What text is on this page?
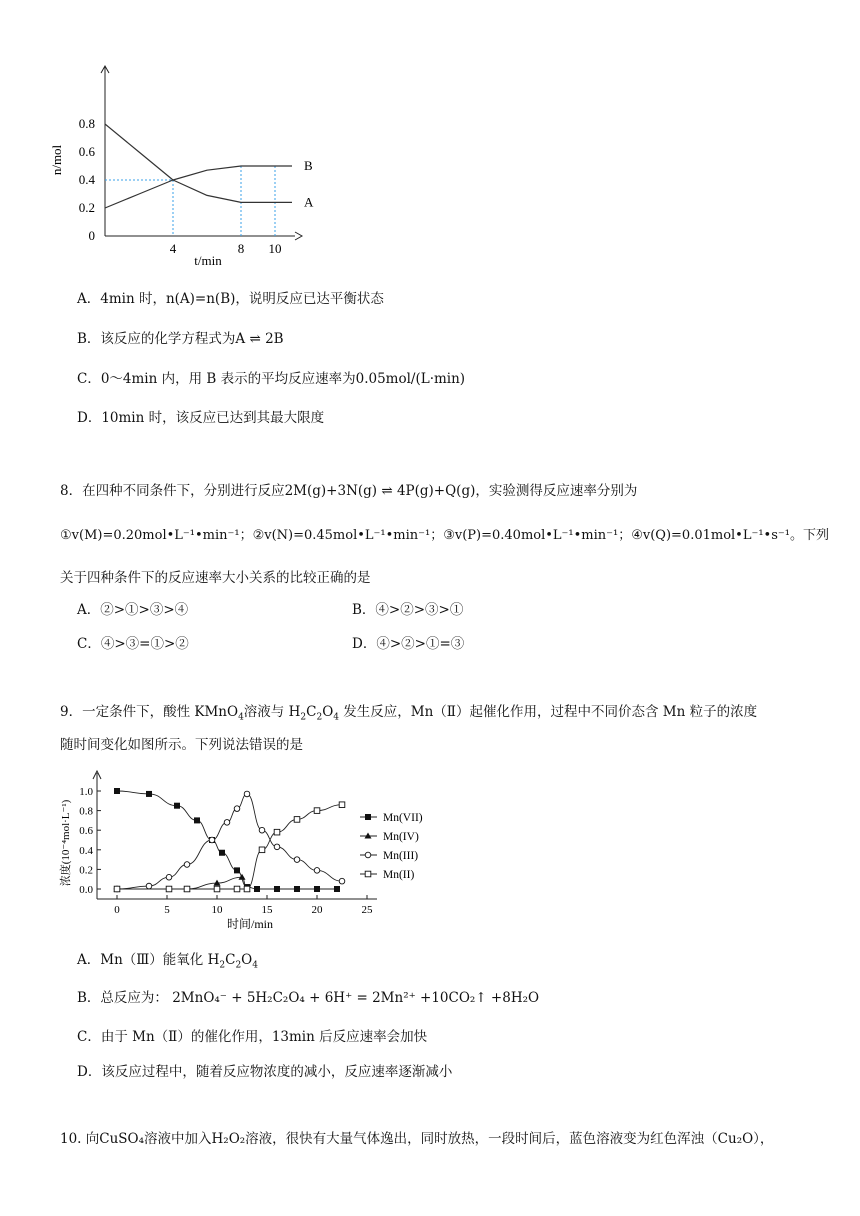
A
B
0
0.2
0.4
0.6
0.8
4	8 10
t/min
n/mol
A．4min 时，n(A)=n(B)，说明反应已达平衡状态
B．该反应的化学方程式为A ⇌ 2B
C．0～4min 内，用 B 表示的平均反应速率为0.05mol/(L·min)
D．10min 时，该反应已达到其最大限度
8．在四种不同条件下，分别进行反应2M(g)+3N(g) ⇌ 4P(g)+Q(g)，实验测得反应速率分别为
①v(M)=0.20mol•L⁻¹•min⁻¹；②v(N)=0.45mol•L⁻¹•min⁻¹；③v(P)=0.40mol•L⁻¹•min⁻¹；④v(Q)=0.01mol•L⁻¹•s⁻¹。下列
关于四种条件下的反应速率大小关系的比较正确的是
A．②>①>③>④	B．④>②>③>①
C．④>③=①>②	D．④>②>①=③
9．一定条件下，酸性 KMnO$_4$溶液与 $H_2C_2O_4$ 发生反应，Mn（Ⅱ）起催化作用，过程中不同价态含 Mn 粒子的浓度
随时间变化如图所示。下列说法错误的是
0.0
0.2
0.4
0.6
0.8
1.0
0	5	10	15	20	25
Mn(VII)
Mn(IV)
Mn(III)
Mn(II)
时间/min
浓度(10⁻⁴mol·L⁻¹)
A．Mn（Ⅲ）能氧化 $H_2C_2O_4$
B．总反应为： 2MnO₄⁻ + 5H₂C₂O₄ + 6H⁺ = 2Mn²⁺ +10CO₂↑ +8H₂O
C．由于 Mn（Ⅱ）的催化作用，13min 后反应速率会加快
D．该反应过程中，随着反应物浓度的减小，反应速率逐渐减小
10. 向CuSO₄溶液中加入H₂O₂溶液，很快有大量气体逸出，同时放热，一段时间后，蓝色溶液变为红色浑浊（Cu₂O），
